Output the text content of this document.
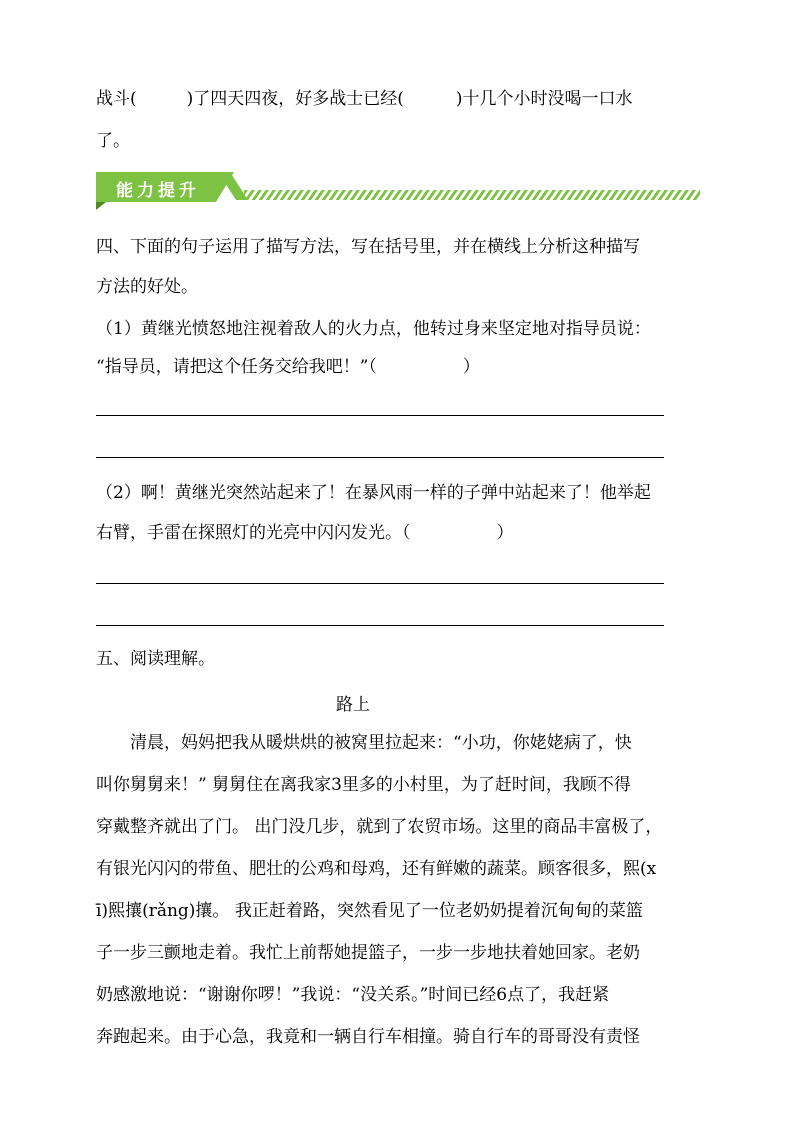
战斗(	)了四天四夜，好多战士已经(	)十几个小时没喝一口水
了。
能力提升
四、下面的句子运用了描写方法，写在括号里，并在横线上分析这种描写
方法的好处。
（1）黄继光愤怒地注视着敌人的火力点，他转过身来坚定地对指导员说：
“指导员，请把这个任务交给我吧！”（	）
（2）啊！黄继光突然站起来了！在暴风雨一样的子弹中站起来了！他举起
右臂，手雷在探照灯的光亮中闪闪发光。（	）
五、阅读理解。
路上
清晨，妈妈把我从暖烘烘的被窝里拉起来：“小功，你姥姥病了，快
叫你舅舅来！” 舅舅住在离我家3里多的小村里，为了赶时间，我顾不得
穿戴整齐就出了门。 出门没几步，就到了农贸市场。这里的商品丰富极了，
有银光闪闪的带鱼、肥壮的公鸡和母鸡，还有鲜嫩的蔬菜。顾客很多，熙(x
ī)熙攘(rǎng)攘。 我正赶着路，突然看见了一位老奶奶提着沉甸甸的菜篮
子一步三颤地走着。我忙上前帮她提篮子，一步一步地扶着她回家。老奶
奶感激地说：“谢谢你啰！”我说：“没关系。”时间已经6点了，我赶紧
奔跑起来。由于心急，我竟和一辆自行车相撞。骑自行车的哥哥没有责怪
